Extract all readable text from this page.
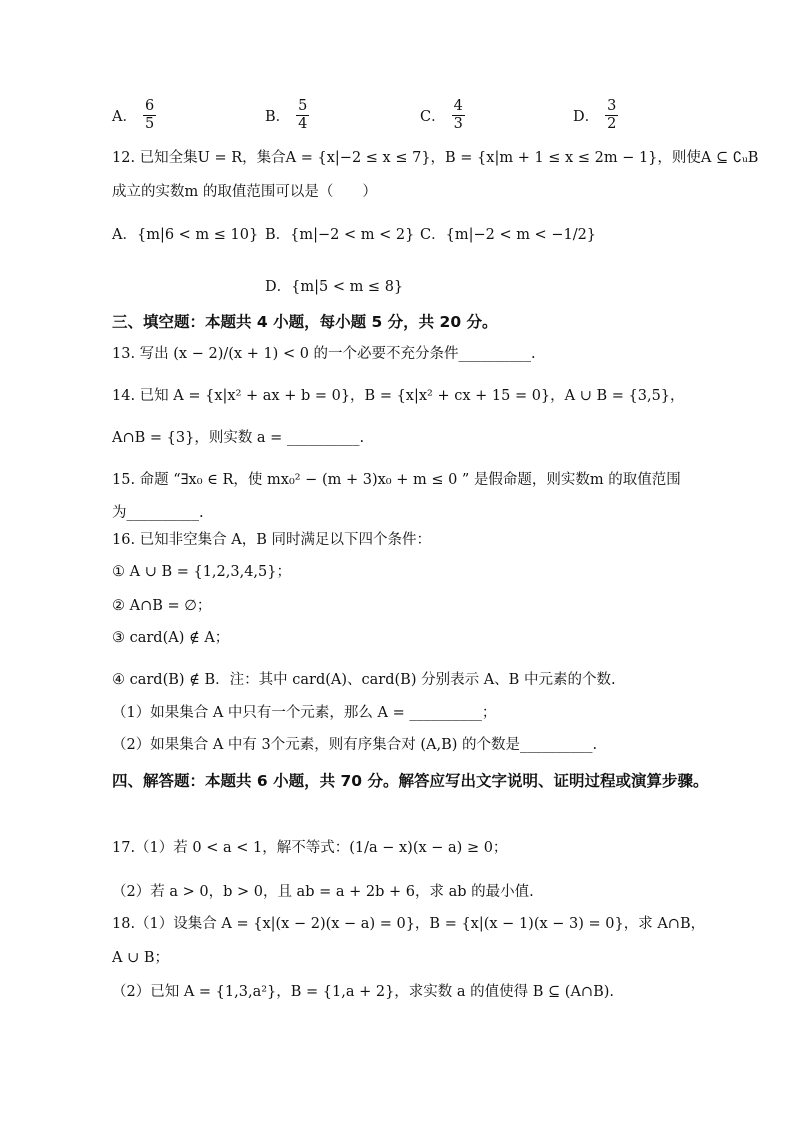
A． $\frac{6}{5}$	B． $\frac{5}{4}$	C． $\frac{4}{3}$	D． $\frac{3}{2}$
12. 已知全集U = R，集合A = {x|−2 ≤ x ≤ 7}，B = {x|m + 1 ≤ x ≤ 2m − 1}，则使A ⊆ ∁ᵤB
成立的实数m 的取值范围可以是（　　）
A．{m|6 < m ≤ 10} B．{m|−2 < m < 2} C．{m|−2 < m < −1/2}
D．{m|5 < m ≤ 8}
三、填空题：本题共 4 小题，每小题 5 分，共 20 分。
13. 写出 (x − 2)/(x + 1) < 0 的一个必要不充分条件__________.
14. 已知 A = {x|x² + ax + b = 0}，B = {x|x² + cx + 15 = 0}，A ∪ B = {3,5}，
A∩B = {3}，则实数 a = __________.
15. 命题 “∃x₀ ∈ R，使 mx₀² − (m + 3)x₀ + m ≤ 0 ” 是假命题，则实数m 的取值范围
为__________.
16. 已知非空集合 A，B 同时满足以下四个条件：
① A ∪ B = {1,2,3,4,5}；
② A∩B = ∅；
③ card(A) ∉ A；
④ card(B) ∉ B．注：其中 card(A)、card(B) 分别表示 A、B 中元素的个数.
（1）如果集合 A 中只有一个元素，那么 A = __________；
（2）如果集合 A 中有 3个元素，则有序集合对 (A,B) 的个数是__________.
四、解答题：本题共 6 小题，共 70 分。解答应写出文字说明、证明过程或演算步骤。
17.（1）若 0 < a < 1，解不等式：(1/a − x)(x − a) ≥ 0；
（2）若 a > 0，b > 0，且 ab = a + 2b + 6，求 ab 的最小值.
18.（1）设集合 A = {x|(x − 2)(x − a) = 0}，B = {x|(x − 1)(x − 3) = 0}，求 A∩B，
A ∪ B；
（2）已知 A = {1,3,a²}，B = {1,a + 2}，求实数 a 的值使得 B ⊆ (A∩B).
